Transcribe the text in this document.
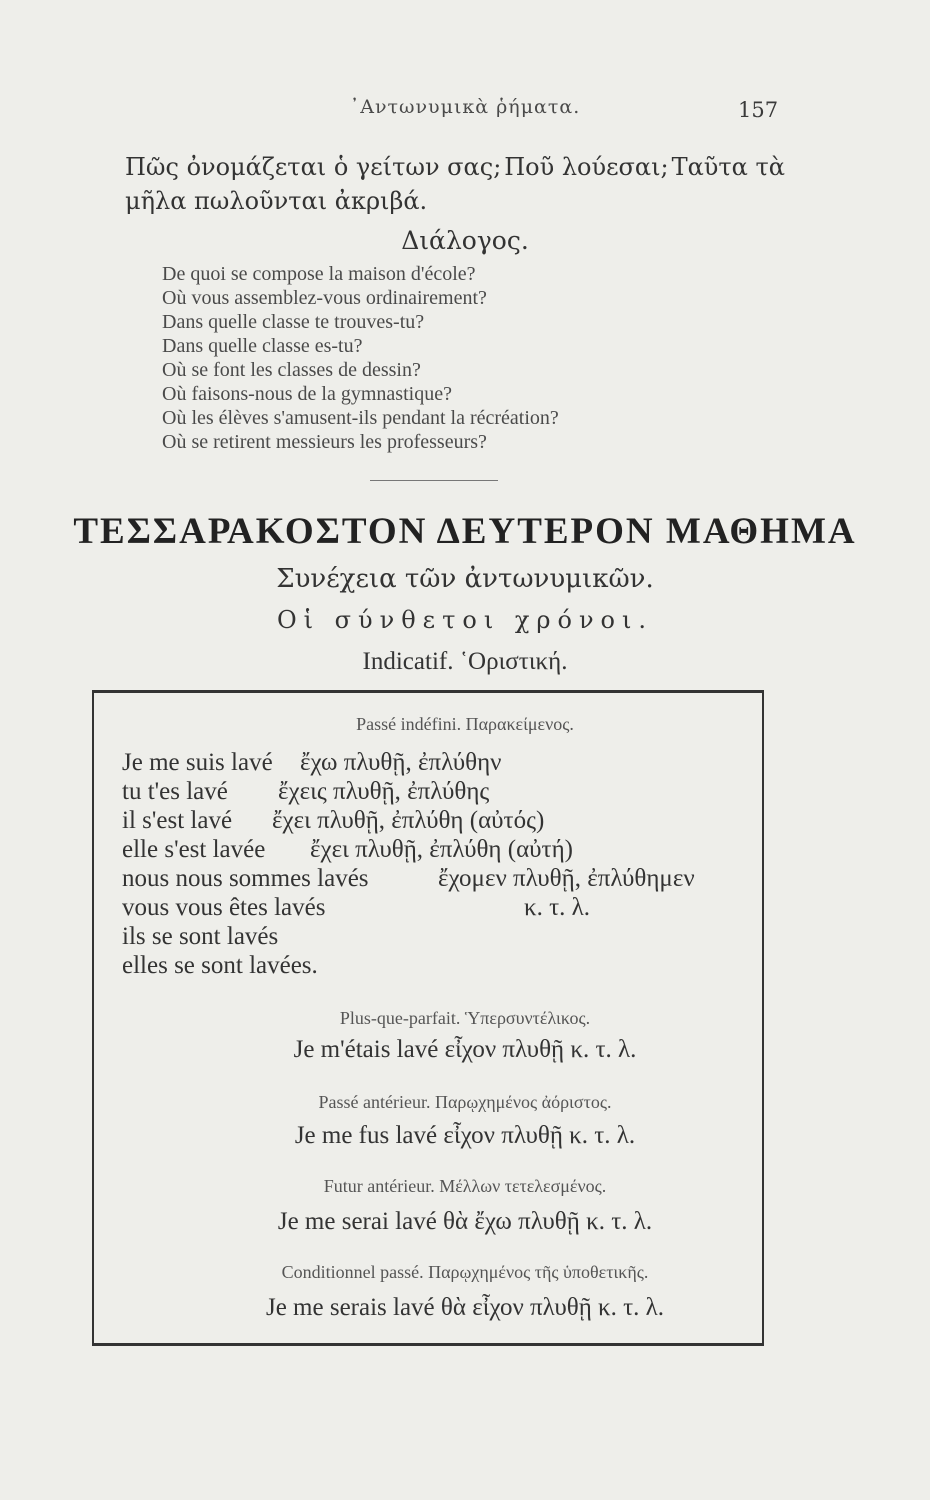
᾿Αντωνυμικὰ ῥήματα.	157
Πῶς ὀνομάζεται ὁ γείτων σας; Ποῦ λούεσαι; Ταῦτα τὰ
μῆλα πωλοῦνται ἀκριβά.
Διάλογος.
De quoi se compose la maison d'école?
Où vous assemblez-vous ordinairement?
Dans quelle classe te trouves-tu?
Dans quelle classe es-tu?
Où se font les classes de dessin?
Où faisons-nous de la gymnastique?
Où les élèves s'amusent-ils pendant la récréation?
Où se retirent messieurs les professeurs?
ΤΕΣΣΑΡΑΚΟΣΤΟΝ ΔΕΥΤΕΡΟΝ ΜΑΘΗΜΑ
Συνέχεια τῶν ἀντωνυμικῶν.
Οἱ σύνθετοι χρόνοι.
Indicatif. ῾Οριστική.
Passé indéfini. Παρακείμενος.
Je me suis lavé ἔχω πλυθῇ, ἐπλύθην
tu t'es lavé ἔχεις πλυθῇ, ἐπλύθης
il s'est lavé ἔχει πλυθῇ, ἐπλύθη (αὐτός)
elle s'est lavée ἔχει πλυθῇ, ἐπλύθη (αὐτή)
nous nous sommes lavés	ἔχομεν πλυθῇ, ἐπλύθημεν
vous vous êtes lavés	κ. τ. λ.
ils se sont lavés
elles se sont lavées.
Plus-que-parfait. Ὑπερσυντέλικος.
Je m'étais lavé εἶχον πλυθῇ κ. τ. λ.
Passé antérieur. Παρῳχημένος ἀόριστος.
Je me fus lavé εἶχον πλυθῇ κ. τ. λ.
Futur antérieur. Μέλλων τετελεσμένος.
Je me serai lavé θὰ ἔχω πλυθῇ κ. τ. λ.
Conditionnel passé. Παρῳχημένος τῆς ὑποθετικῆς.
Je me serais lavé θὰ εἶχον πλυθῇ κ. τ. λ.
